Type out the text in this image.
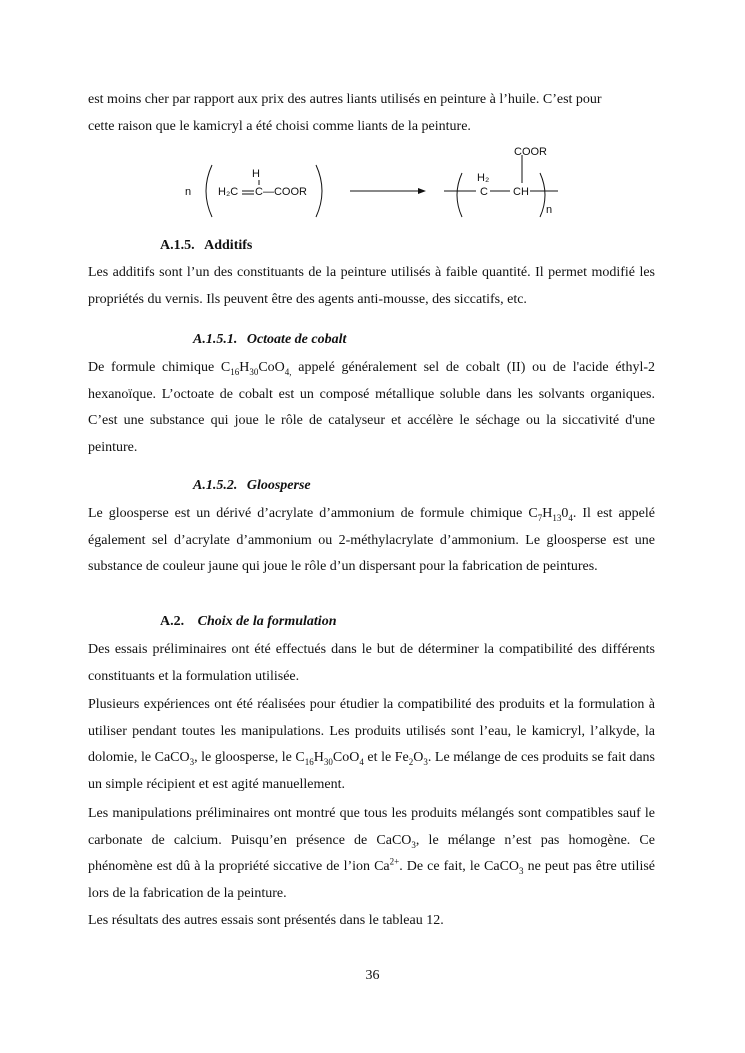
est moins cher par rapport aux prix des autres liants utilisés en peinture à l’huile. C’est pour
cette raison que le kamicryl a été choisi comme liants de la peinture.

n H₂C
H
C—COOR
H₂
C CH
COOR
n
A.1.5. Additifs

Les additifs sont l’un des constituants de la peinture utilisés à faible quantité. Il permet modifié les propriétés du vernis. Ils peuvent être des agents anti-mousse, des siccatifs, etc.

A.1.5.1. Octoate de cobalt

De formule chimique $C_{16}H_{30}CoO_{4,}$ appelé généralement sel de cobalt (II) ou de l'acide éthyl-2 hexanoïque. L’octoate de cobalt est un composé métallique soluble dans les solvants organiques. C’est une substance qui joue le rôle de catalyseur et accélère le séchage ou la siccativité d'une peinture.

A.1.5.2. Gloosperse

Le gloosperse est un dérivé d’acrylate d’ammonium de formule chimique $C_7H_{13}0_4$. Il est appelé également sel d’acrylate d’ammonium ou 2-méthylacrylate d’ammonium. Le gloosperse est une substance de couleur jaune qui joue le rôle d’un dispersant pour la fabrication de peintures.

A.2. Choix de la formulation

Des essais préliminaires ont été effectués dans le but de déterminer la compatibilité des différents constituants et la formulation utilisée.

Plusieurs expériences ont été réalisées pour étudier la compatibilité des produits et la formulation à utiliser pendant toutes les manipulations. Les produits utilisés sont l’eau, le kamicryl, l’alkyde, la dolomie, le CaCO$_3$, le gloosperse, le $C_{16}H_{30}CoO_4$ et le $Fe_2O_3$. Le mélange de ces produits se fait dans un simple récipient et est agité manuellement.

Les manipulations préliminaires ont montré que tous les produits mélangés sont compatibles sauf le carbonate de calcium. Puisqu’en présence de CaCO$_3$, le mélange n’est pas homogène. Ce phénomène est dû à la propriété siccative de l’ion $Ca^{2+}$. De ce fait, le CaCO$_3$ ne peut pas être utilisé lors de la fabrication de la peinture.

Les résultats des autres essais sont présentés dans le tableau 12.

36
